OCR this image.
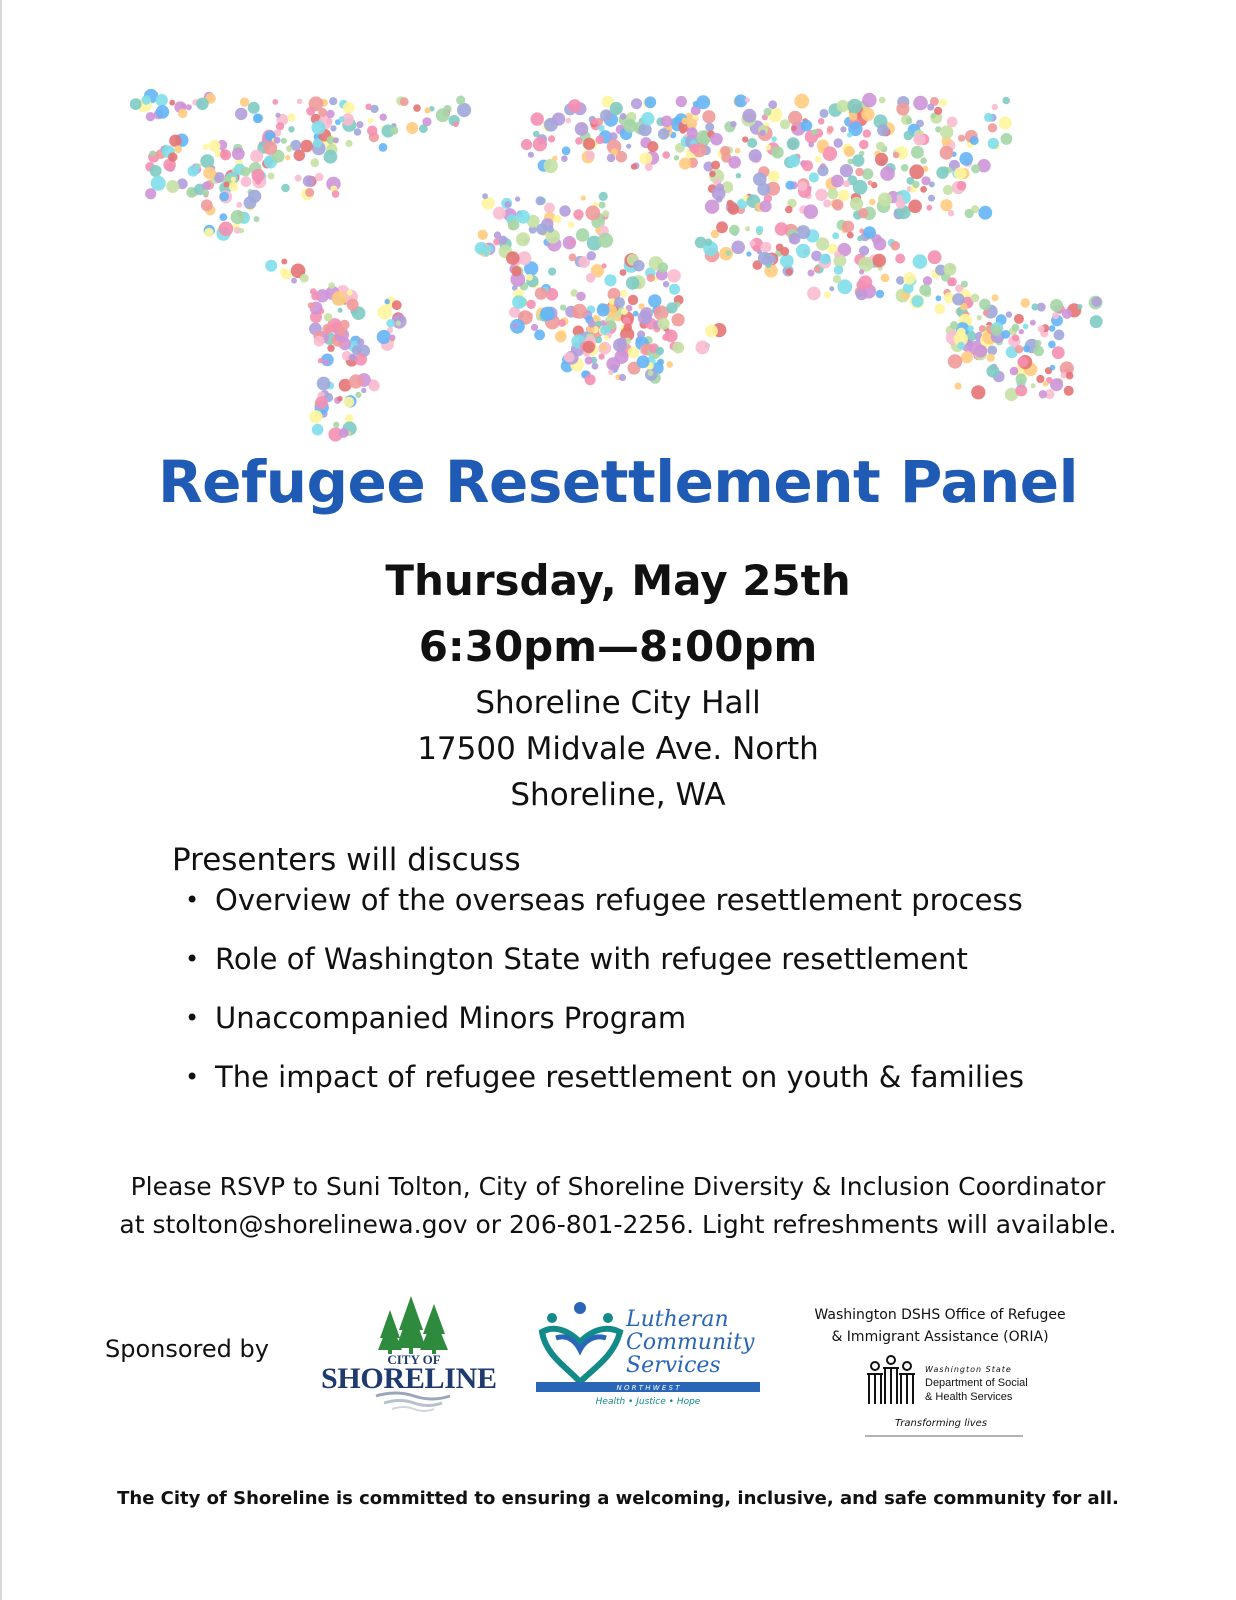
Refugee Resettlement Panel
Thursday, May 25th
6:30pm—8:00pm
Shoreline City Hall
17500 Midvale Ave. North
Shoreline, WA
Presenters will discuss
• Overview of the overseas refugee resettlement process
• Role of Washington State with refugee resettlement
• Unaccompanied Minors Program
• The impact of refugee resettlement on youth & families
Please RSVP to Suni Tolton, City of Shoreline Diversity & Inclusion Coordinator
at stolton@shorelinewa.gov or 206-801-2256. Light refreshments will available.
Sponsored by	CITY OF
SHORELINE
Lutheran
Community
Services
N O R T H W E S T
Health • Justice • Hope
Washington DSHS Office of Refugee
& Immigrant Assistance (ORIA)
Washington State
Department of Social
& Health Services
Transforming lives
The City of Shoreline is committed to ensuring a welcoming, inclusive, and safe community for all.
